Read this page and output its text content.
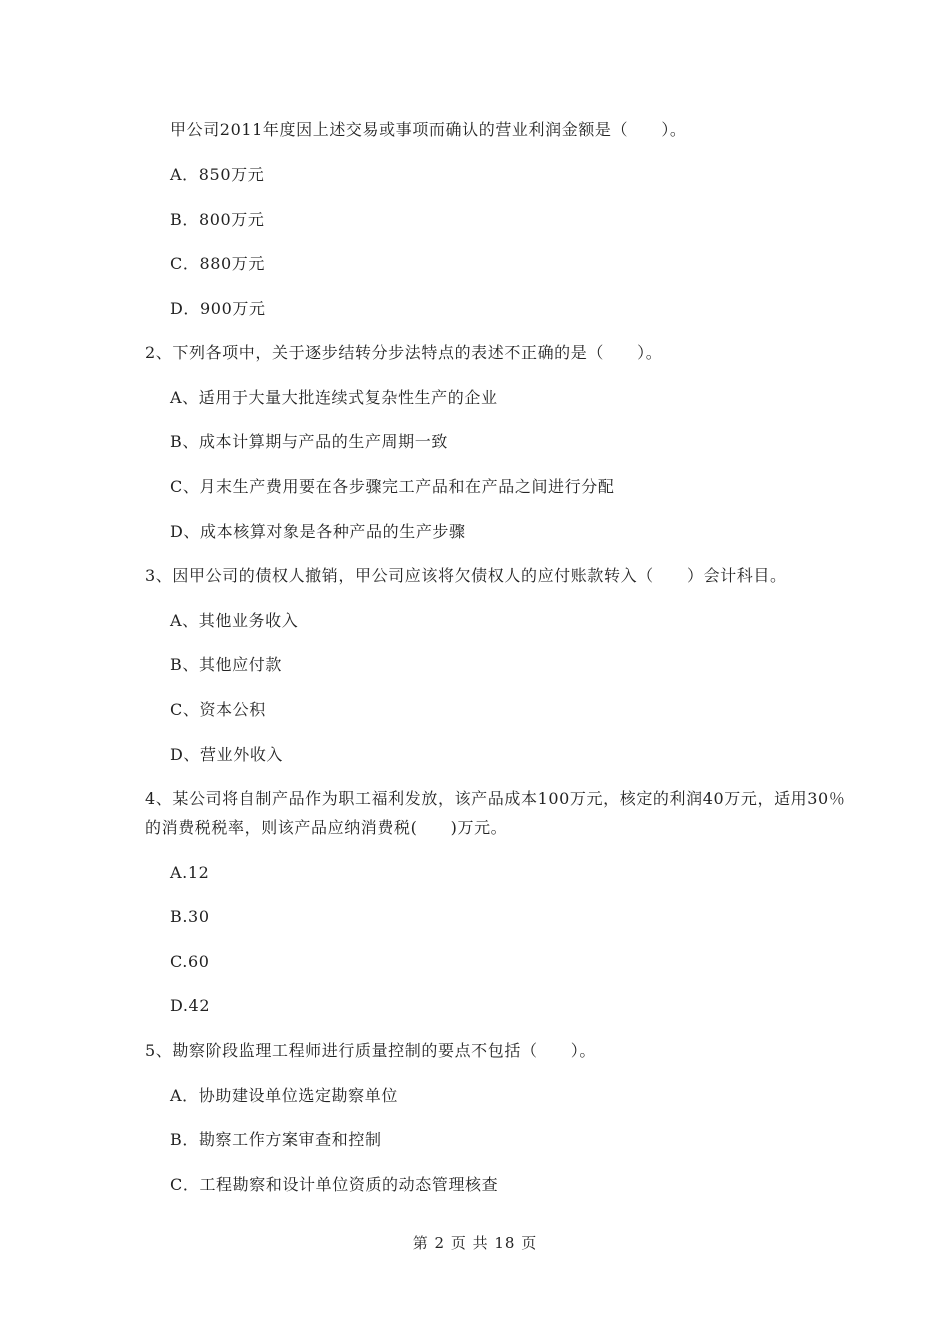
甲公司2011年度因上述交易或事项而确认的营业利润金额是（　　）。
A．850万元
B．800万元
C．880万元
D．900万元
2、下列各项中，关于逐步结转分步法特点的表述不正确的是（　　）。
A、适用于大量大批连续式复杂性生产的企业
B、成本计算期与产品的生产周期一致
C、月末生产费用要在各步骤完工产品和在产品之间进行分配
D、成本核算对象是各种产品的生产步骤
3、因甲公司的债权人撤销，甲公司应该将欠债权人的应付账款转入（　　）会计科目。
A、其他业务收入
B、其他应付款
C、资本公积
D、营业外收入
4、某公司将自制产品作为职工福利发放，该产品成本100万元，核定的利润40万元，适用30％
的消费税税率，则该产品应纳消费税(　　)万元。
A.12
B.30
C.60
D.42
5、勘察阶段监理工程师进行质量控制的要点不包括（　　）。
A．协助建设单位选定勘察单位
B．勘察工作方案审查和控制
C．工程勘察和设计单位资质的动态管理核查
第 2 页 共 18 页
